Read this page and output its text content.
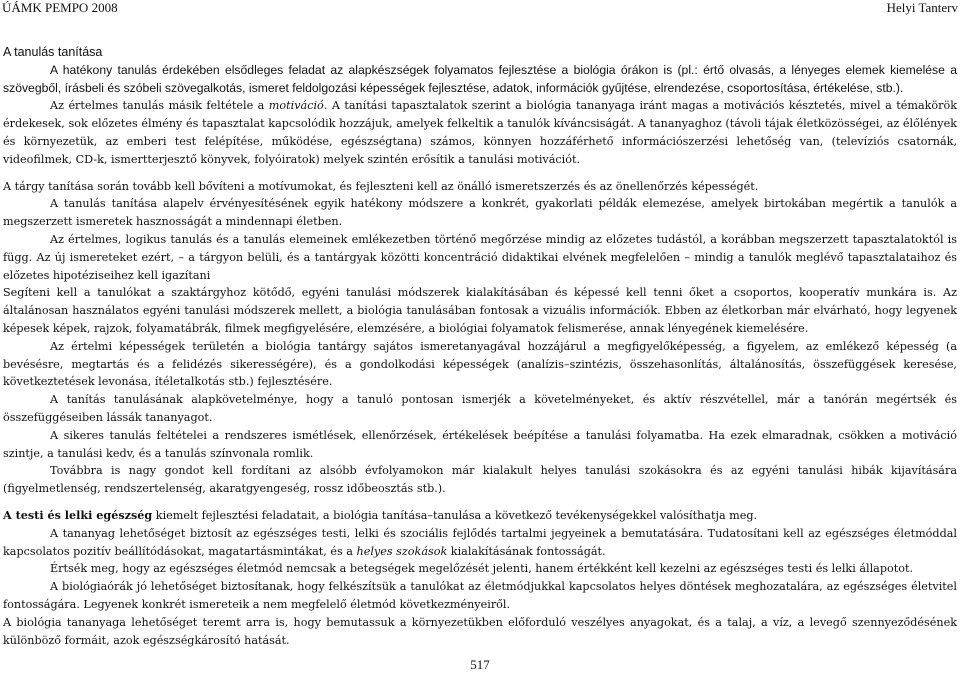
ÚÁMK PEMPO 2008	Helyi Tanterv

A tanulás tanítása

A hatékony tanulás érdekében elsődleges feladat az alapkészségek folyamatos fejlesztése a biológia órákon is (pl.: értő olvasás, a lényeges elemek kiemelése a szövegből, írásbeli és szóbeli szövegalkotás, ismeret feldolgozási képességek fejlesztése, adatok, információk gyűjtése, elrendezése, csoportosítása, értékelése, stb.).

Az értelmes tanulás másik feltétele a motiváció. A tanítási tapasztalatok szerint a biológia tananyaga iránt magas a motivációs késztetés, mivel a témakörök érdekesek, sok előzetes élmény és tapasztalat kapcsolódik hozzájuk, amelyek felkeltik a tanulók kíváncsiságát. A tananyaghoz (távoli tájak életközösségei, az élőlények és környezetük, az emberi test felépítése, működése, egészségtana) számos, könnyen hozzáférhető információszerzési lehetőség van, (televíziós csatornák, videofilmek, CD-k, ismertterjesztő könyvek, folyóiratok) melyek szintén erősítik a tanulási motivációt.

A tárgy tanítása során tovább kell bővíteni a motívumokat, és fejleszteni kell az önálló ismeretszerzés és az önellenőrzés képességét.

A tanulás tanítása alapelv érvényesítésének egyik hatékony módszere a konkrét, gyakorlati példák elemezése, amelyek birtokában megértik a tanulók a megszerzett ismeretek hasznosságát a mindennapi életben.

Az értelmes, logikus tanulás és a tanulás elemeinek emlékezetben történő megőrzése mindig az előzetes tudástól, a korábban megszerzett tapasztalatoktól is függ. Az új ismereteket ezért, – a tárgyon belüli, és a tantárgyak közötti koncentráció didaktikai elvének megfelelően – mindig a tanulók meglévő tapasztalataihoz és előzetes hipotéziseihez kell igazítani

Segíteni kell a tanulókat a szaktárgyhoz kötődő, egyéni tanulási módszerek kialakításában és képessé kell tenni őket a csoportos, kooperatív munkára is. Az általánosan használatos egyéni tanulási módszerek mellett, a biológia tanulásában fontosak a vizuális információk. Ebben az életkorban már elvárható, hogy legyenek képesek képek, rajzok, folyamatábrák, filmek megfigyelésére, elemzésére, a biológiai folyamatok felismerése, annak lényegének kiemelésére.

Az értelmi képességek területén a biológia tantárgy sajátos ismeretanyagával hozzájárul a megfigyelőképesség, a figyelem, az emlékező képesség (a bevésésre, megtartás és a felidézés sikerességére), és a gondolkodási képességek (analízis–szintézis, összehasonlítás, általánosítás, összefüggések keresése, következtetések levonása, ítéletalkotás stb.) fejlesztésére.

A tanítás tanulásának alapkövetelménye, hogy a tanuló pontosan ismerjék a követelményeket, és aktív részvétellel, már a tanórán megértsék és összefüggéseiben lássák tananyagot.

A sikeres tanulás feltételei a rendszeres ismétlések, ellenőrzések, értékelések beépítése a tanulási folyamatba. Ha ezek elmaradnak, csökken a motiváció szintje, a tanulási kedv, és a tanulás színvonala romlik.

Továbbra is nagy gondot kell fordítani az alsóbb évfolyamokon már kialakult helyes tanulási szokásokra és az egyéni tanulási hibák kijavítására (figyelmetlenség, rendszertelenség, akaratgyengeség, rossz időbeosztás stb.).

A testi és lelki egészség kiemelt fejlesztési feladatait, a biológia tanítása–tanulása a következő tevékenységekkel valósíthatja meg.

A tananyag lehetőséget biztosít az egészséges testi, lelki és szociális fejlődés tartalmi jegyeinek a bemutatására. Tudatosítani kell az egészséges életmóddal kapcsolatos pozitív beállítódásokat, magatartásmintákat, és a helyes szokások kialakításának fontosságát.

Értsék meg, hogy az egészséges életmód nemcsak a betegségek megelőzését jelenti, hanem értékként kell kezelni az egészséges testi és lelki állapotot.

A biológiaórák jó lehetőséget biztosítanak, hogy felkészítsük a tanulókat az életmódjukkal kapcsolatos helyes döntések meghozatalára, az egészséges életvitel fontosságára. Legyenek konkrét ismereteik a nem megfelelő életmód következményeiről.

A biológia tananyaga lehetőséget teremt arra is, hogy bemutassuk a környezetükben előforduló veszélyes anyagokat, és a talaj, a víz, a levegő szennyeződésének különböző formáit, azok egészségkárosító hatását.

517
